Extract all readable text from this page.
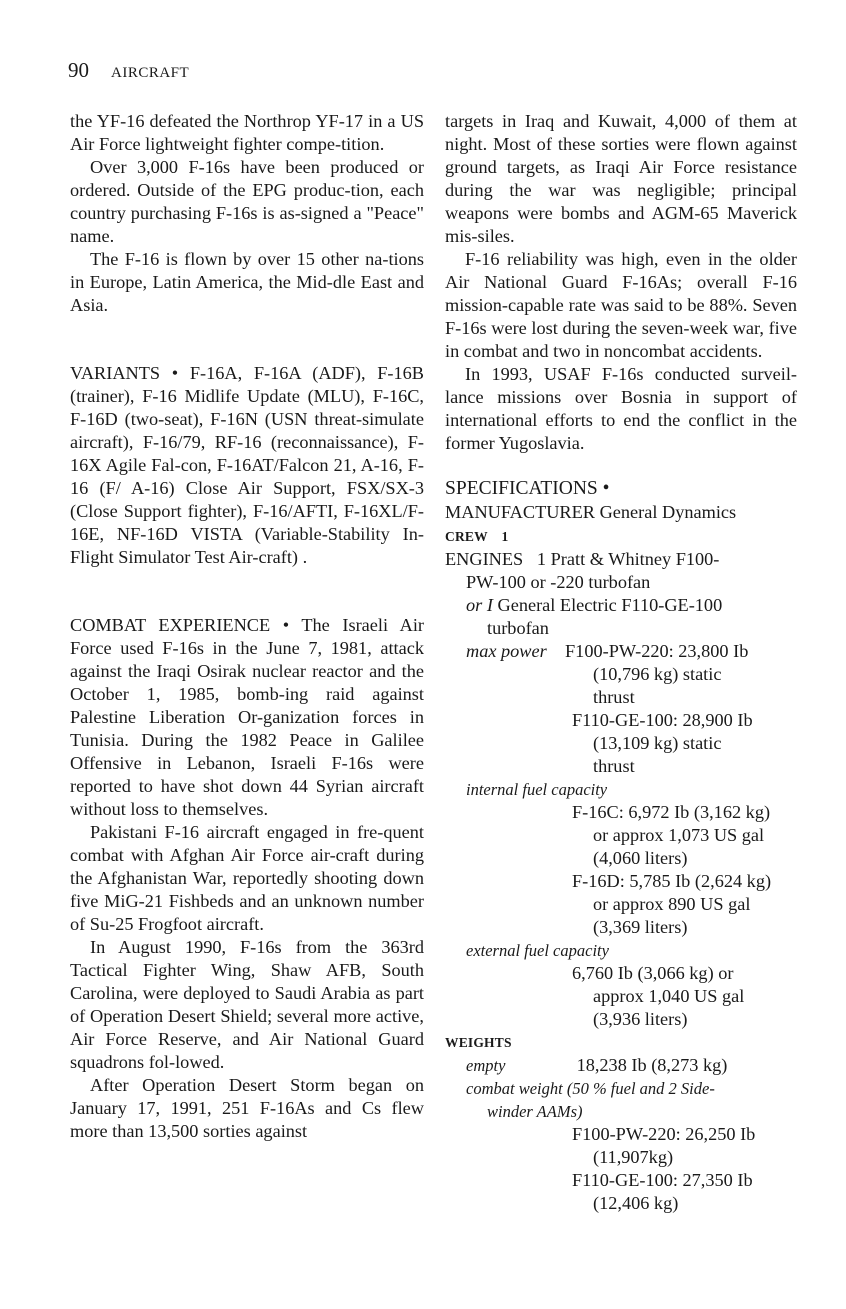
90 AIRCRAFT

the YF-16 defeated the Northrop YF-17 in a US Air Force lightweight fighter compe-tition.

Over 3,000 F-16s have been produced or ordered. Outside of the EPG produc-tion, each country purchasing F-16s is as-signed a "Peace" name.

The F-16 is flown by over 15 other na-tions in Europe, Latin America, the Mid-dle East and Asia.

VARIANTS • F-16A, F-16A (ADF), F-16B (trainer), F-16 Midlife Update (MLU), F-16C, F-16D (two-seat), F-16N (USN threat-simulate aircraft), F-16/79, RF-16 (reconnaissance), F-16X Agile Fal-con, F-16AT/Falcon 21, A-16, F-16 (F/ A-16) Close Air Support, FSX/SX-3 (Close Support fighter), F-16/AFTI, F-16XL/F-16E, NF-16D VISTA (Variable-Stability In-Flight Simulator Test Air-craft) .

COMBAT EXPERIENCE • The Israeli Air Force used F-16s in the June 7, 1981, attack against the Iraqi Osirak nuclear reactor and the October 1, 1985, bomb-ing raid against Palestine Liberation Or-ganization forces in Tunisia. During the 1982 Peace in Galilee Offensive in Lebanon, Israeli F-16s were reported to have shot down 44 Syrian aircraft without loss to themselves.

Pakistani F-16 aircraft engaged in fre-quent combat with Afghan Air Force air-craft during the Afghanistan War, reportedly shooting down five MiG-21 Fishbeds and an unknown number of Su-25 Frogfoot aircraft.

In August 1990, F-16s from the 363rd Tactical Fighter Wing, Shaw AFB, South Carolina, were deployed to Saudi Arabia as part of Operation Desert Shield; several more active, Air Force Reserve, and Air National Guard squadrons fol-lowed.

After Operation Desert Storm began on January 17, 1991, 251 F-16As and Cs flew more than 13,500 sorties against

targets in Iraq and Kuwait, 4,000 of them at night. Most of these sorties were flown against ground targets, as Iraqi Air Force resistance during the war was negligible; principal weapons were bombs and AGM-65 Maverick mis-siles.

F-16 reliability was high, even in the older Air National Guard F-16As; overall F-16 mission-capable rate was said to be 88%. Seven F-16s were lost during the seven-week war, five in combat and two in noncombat accidents.

In 1993, USAF F-16s conducted surveil-lance missions over Bosnia in support of international efforts to end the conflict in the former Yugoslavia.

SPECIFICATIONS •
MANUFACTURER General Dynamics
CREW 1
ENGINES 1 Pratt & Whitney F100-
PW-100 or -220 turbofan
or I General Electric F110-GE-100
turbofan
max power F100-PW-220: 23,800 Ib
(10,796 kg) static
thrust
F110-GE-100: 28,900 Ib
(13,109 kg) static
thrust
internal fuel capacity
F-16C: 6,972 Ib (3,162 kg)
or approx 1,073 US gal
(4,060 liters)
F-16D: 5,785 Ib (2,624 kg)
or approx 890 US gal
(3,369 liters)
external fuel capacity
6,760 Ib (3,066 kg) or
approx 1,040 US gal
(3,936 liters)
WEIGHTS
empty	18,238 Ib (8,273 kg)
combat weight (50 % fuel and 2 Side-
winder AAMs)
F100-PW-220: 26,250 Ib
(11,907kg)
F110-GE-100: 27,350 Ib
(12,406 kg)
